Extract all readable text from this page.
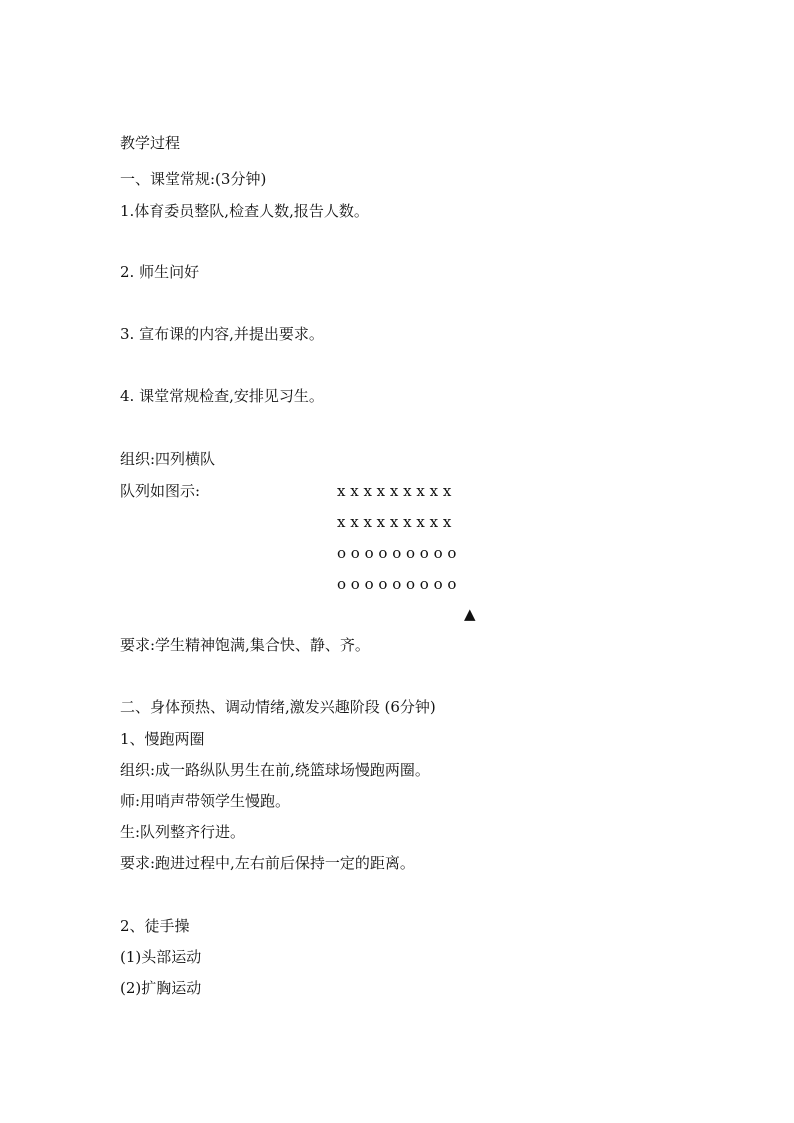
教学过程
一、课堂常规:(3分钟)
1.体育委员整队,检查人数,报告人数。
2. 师生问好
3. 宣布课的内容,并提出要求。
4. 课堂常规检查,安排见习生。
组织:四列横队
队列如图示:	x x x x x x x x x
x x x x x x x x x
o o o o o o o o o
o o o o o o o o o
▲
要求:学生精神饱满,集合快、静、齐。
二、身体预热、调动情绪,激发兴趣阶段 (6分钟)
1、慢跑两圈
组织:成一路纵队男生在前,绕篮球场慢跑两圈。
师:用哨声带领学生慢跑。
生:队列整齐行进。
要求:跑进过程中,左右前后保持一定的距离。
2、徒手操
(1)头部运动
(2)扩胸运动
